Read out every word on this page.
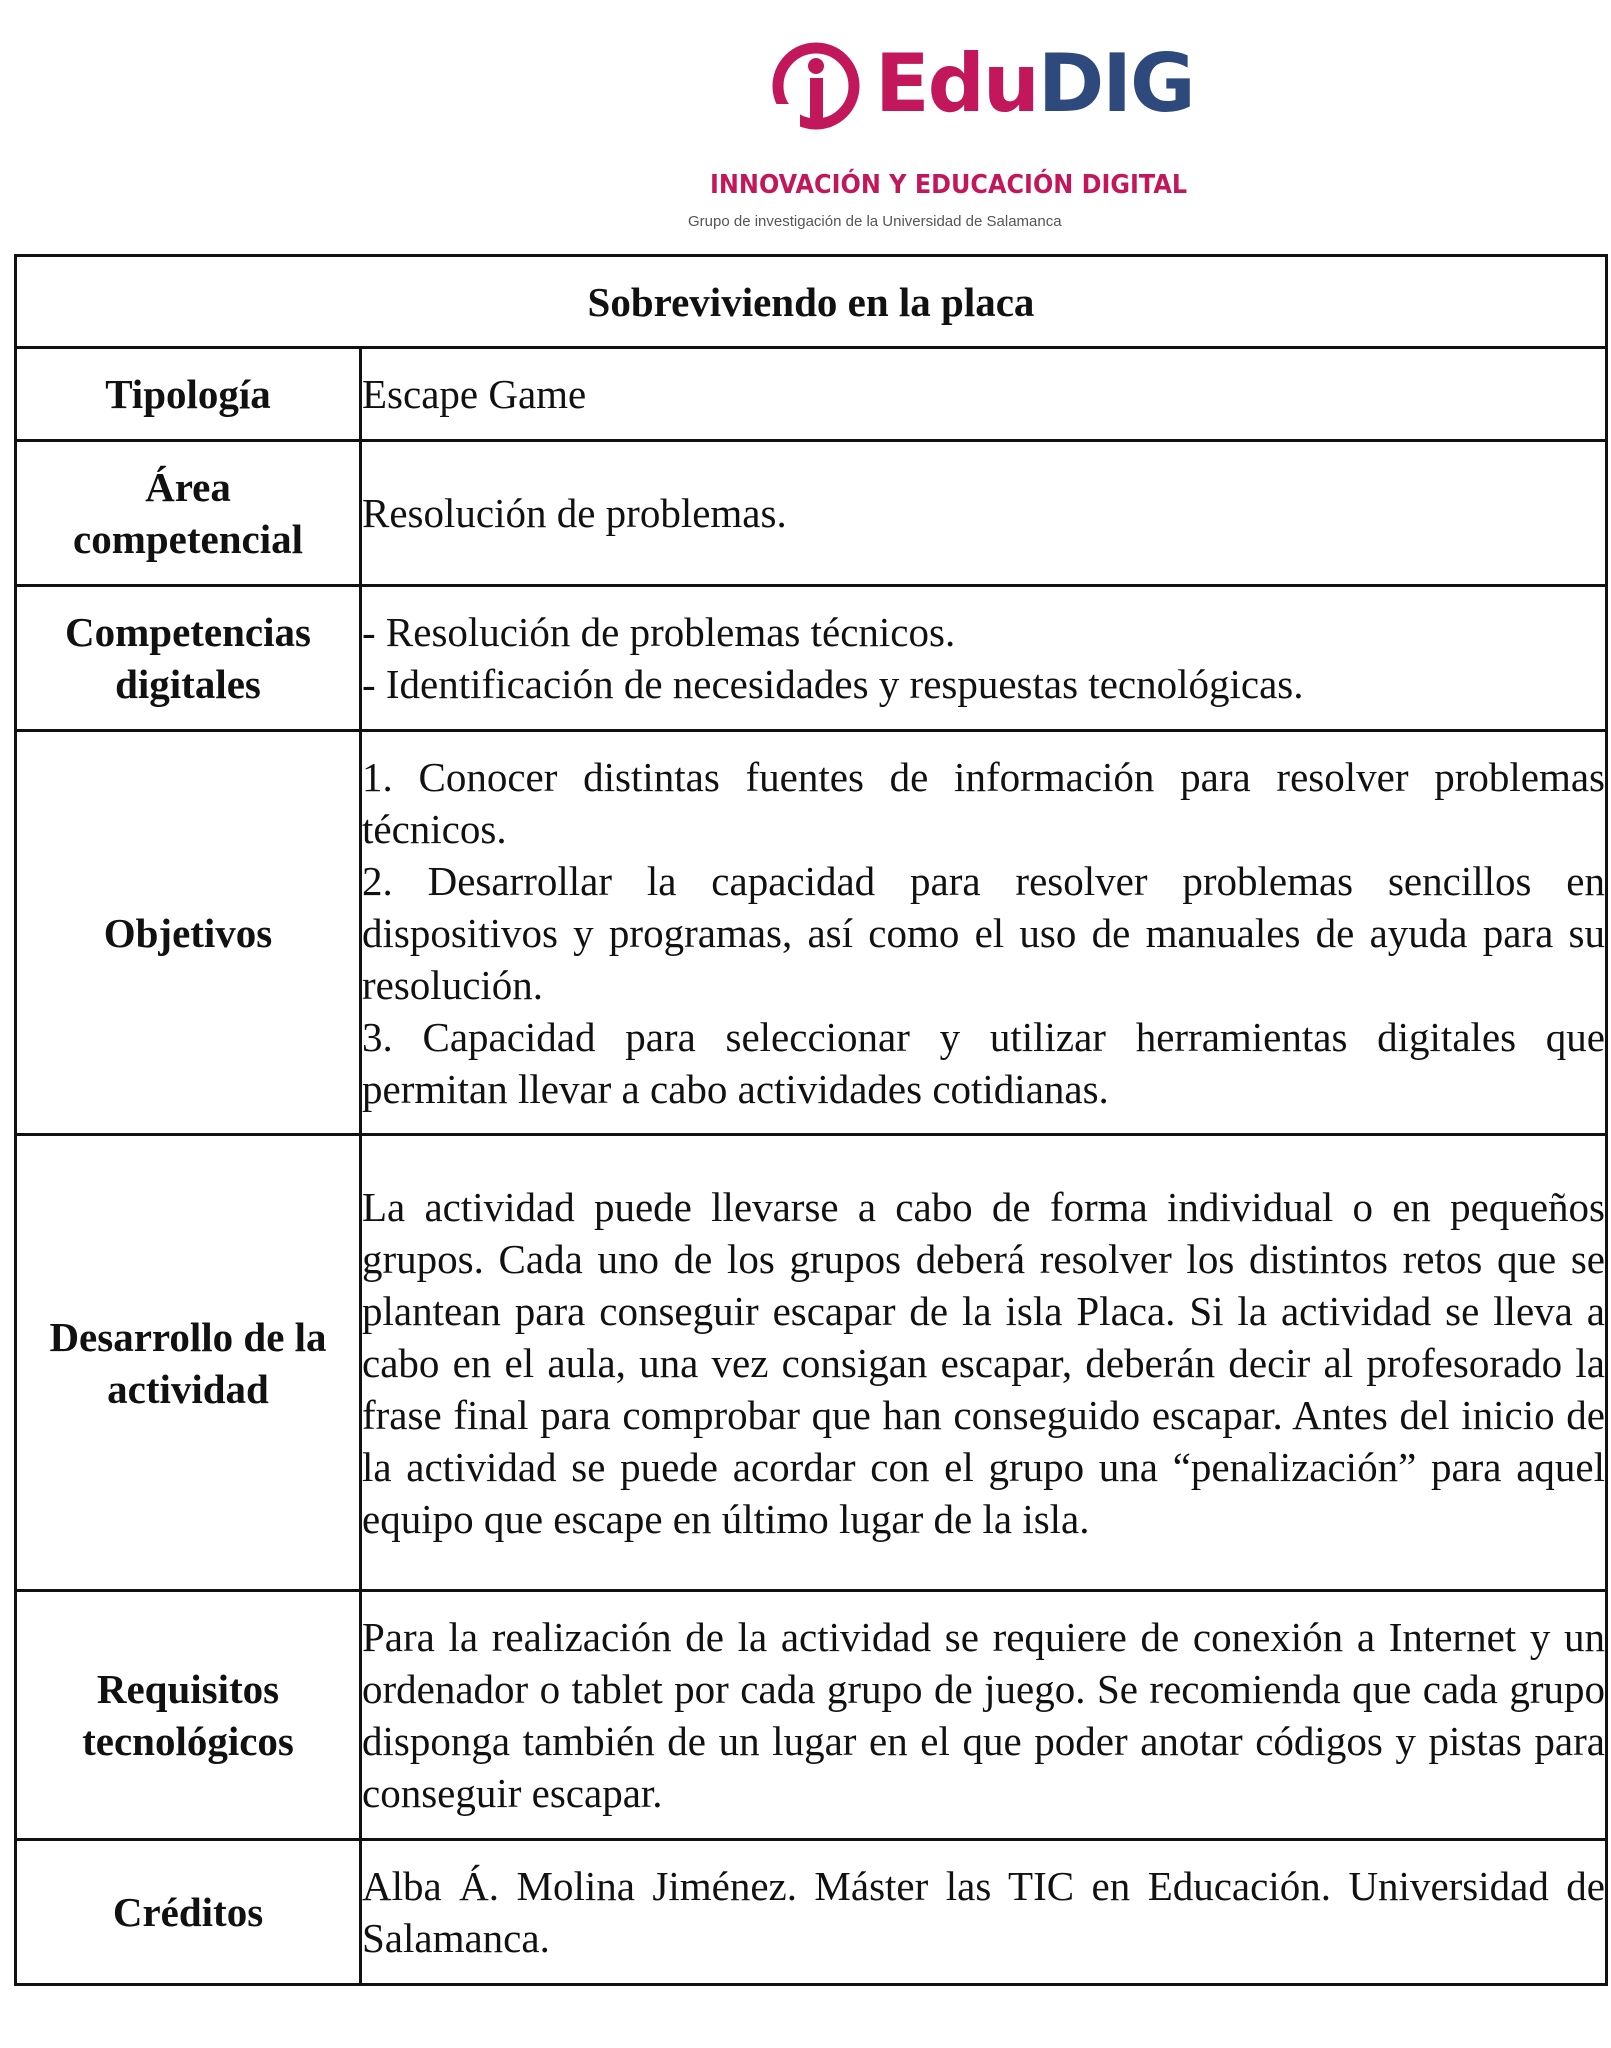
EduDIG
INNOVACIÓN Y EDUCACIÓN DIGITAL
Grupo de investigación de la Universidad de Salamanca
Sobreviviendo en la placa	
Tipología	Escape Game

Área
competencial	Resolución de problemas.

Competencias
digitales	- Resolución de problemas técnicos.
- Identificación de necesidades y respuestas tecnológicas.

Objetivos	1. Conocer distintas fuentes de información para resolver problemas técnicos.
2. Desarrollar la capacidad para resolver problemas sencillos en dispositivos y programas, así como el uso de manuales de ayuda para su resolución.
3. Capacidad para seleccionar y utilizar herramientas digitales que permitan llevar a cabo actividades cotidianas.

Desarrollo de la
actividad	La actividad puede llevarse a cabo de forma individual o en pequeños grupos. Cada uno de los grupos deberá resolver los distintos retos que se plantean para conseguir escapar de la isla Placa. Si la actividad se lleva a cabo en el aula, una vez consigan escapar, deberán decir al profesorado la frase final para comprobar que han conseguido escapar. Antes del inicio de la actividad se puede acordar con el grupo una “penalización” para aquel equipo que escape en último lugar de la isla.

Requisitos
tecnológicos	Para la realización de la actividad se requiere de conexión a Internet y un ordenador o tablet por cada grupo de juego. Se recomienda que cada grupo disponga también de un lugar en el que poder anotar códigos y pistas para conseguir escapar.

Créditos	Alba Á. Molina Jiménez. Máster las TIC en Educación. Universidad de Salamanca.
